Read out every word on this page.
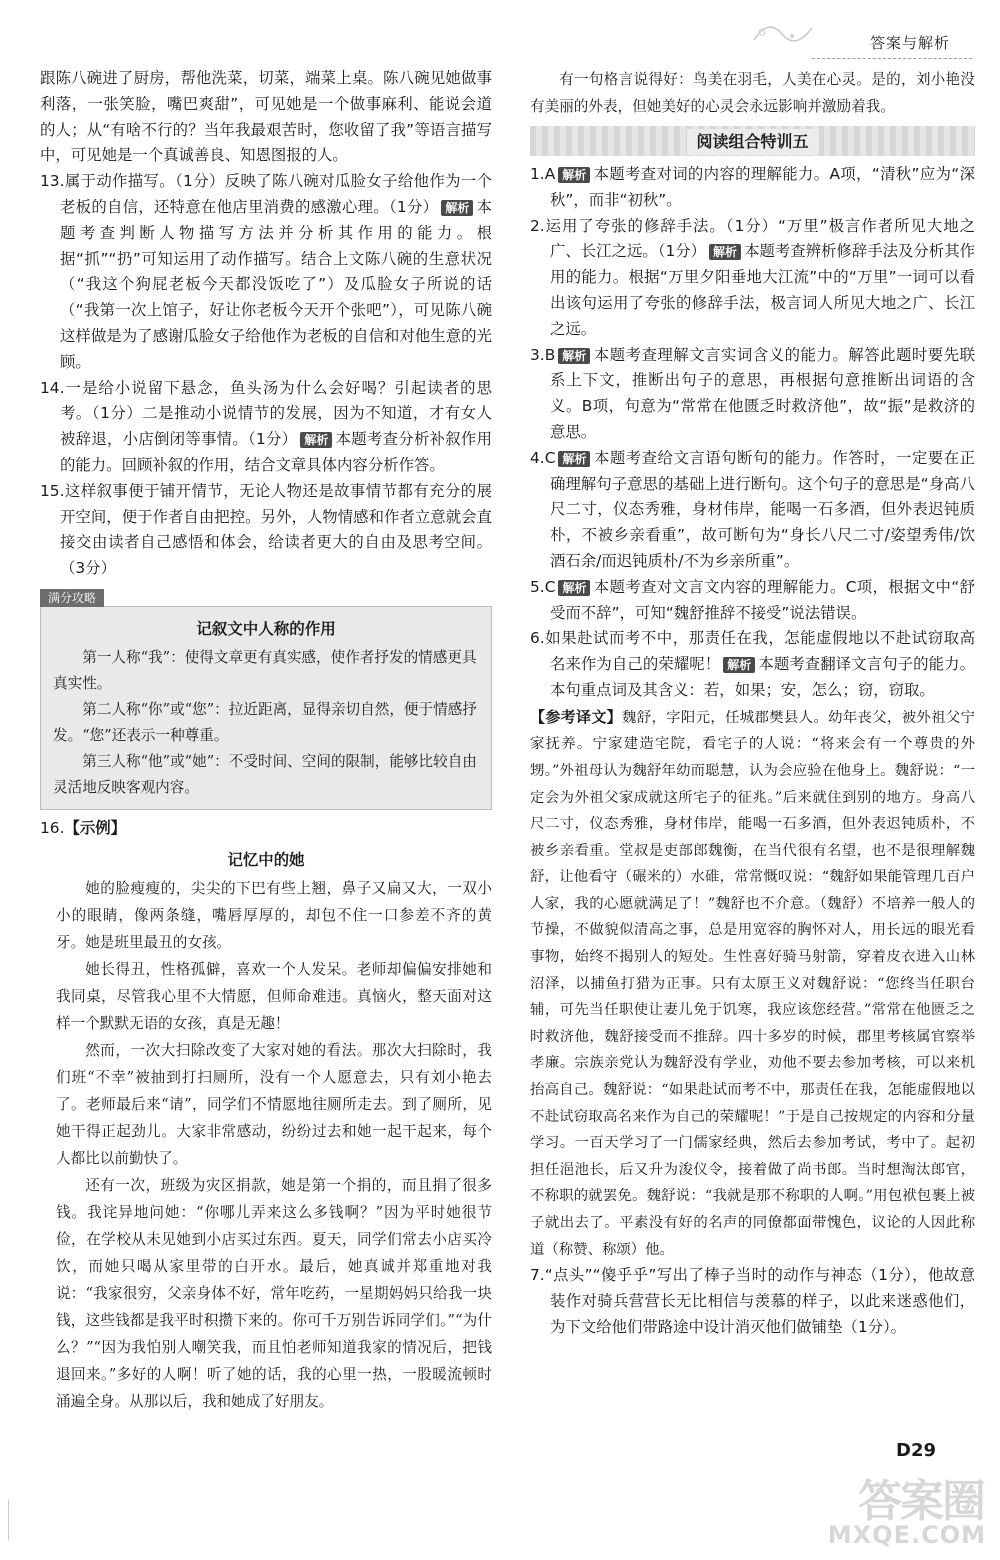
答案与解析

跟陈八碗进了厨房，帮他洗菜，切菜，端菜上桌。陈八碗见她做事利落，一张笑脸，嘴巴爽甜”，可见她是一个做事麻利、能说会道的人；从“有啥不行的？当年我最艰苦时，您收留了我”等语言描写中，可见她是一个真诚善良、知恩图报的人。

13.属于动作描写。（1分）反映了陈八碗对瓜脸女子给他作为一个老板的自信，还特意在他店里消费的感激心理。（1分） 解析 本题考查判断人物描写方法并分析其作用的能力。根据“抓”“扔”可知运用了动作描写。结合上文陈八碗的生意状况（“我这个狗屁老板今天都没饭吃了”）及瓜脸女子所说的话（“我第一次上馆子，好让你老板今天开个张吧”），可见陈八碗这样做是为了感谢瓜脸女子给他作为老板的自信和对他生意的光顾。

14.一是给小说留下悬念，鱼头汤为什么会好喝？引起读者的思考。（1分）二是推动小说情节的发展，因为不知道，才有女人被辞退，小店倒闭等事情。（1分） 解析 本题考查分析补叙作用的能力。回顾补叙的作用，结合文章具体内容分析作答。

15.这样叙事便于铺开情节，无论人物还是故事情节都有充分的展开空间，便于作者自由把控。另外，人物情感和作者立意就会直接交由读者自己感悟和体会，给读者更大的自由及思考空间。（3分）

满分攻略
记叙文中人称的作用

第一人称“我”：使得文章更有真实感，使作者抒发的情感更具真实性。

第二人称“你”或“您”：拉近距离，显得亲切自然，便于情感抒发。“您”还表示一种尊重。

第三人称“他”或“她”：不受时间、空间的限制，能够比较自由灵活地反映客观内容。

16.【示例】

记忆中的她

她的脸瘦瘦的，尖尖的下巴有些上翘，鼻子又扁又大，一双小小的眼睛，像两条缝，嘴唇厚厚的，却包不住一口参差不齐的黄牙。她是班里最丑的女孩。

她长得丑，性格孤僻，喜欢一个人发呆。老师却偏偏安排她和我同桌，尽管我心里不大情愿，但师命难违。真恼火，整天面对这样一个默默无语的女孩，真是无趣！

然而，一次大扫除改变了大家对她的看法。那次大扫除时，我们班“不幸”被抽到打扫厕所，没有一个人愿意去，只有刘小艳去了。老师最后来“请”，同学们不情愿地往厕所走去。到了厕所，见她干得正起劲儿。大家非常感动，纷纷过去和她一起干起来，每个人都比以前勤快了。

还有一次，班级为灾区捐款，她是第一个捐的，而且捐了很多钱。我诧异地问她：“你哪儿弄来这么多钱啊？”因为平时她很节俭，在学校从未见她到小店买过东西。夏天，同学们常去小店买冷饮，而她只喝从家里带的白开水。最后，她真诚并郑重地对我说：“我家很穷，父亲身体不好，常年吃药，一星期妈妈只给我一块钱，这些钱都是我平时积攒下来的。你可千万别告诉同学们。”“为什么？”“因为我怕别人嘲笑我，而且怕老师知道我家的情况后，把钱退回来。”多好的人啊！听了她的话，我的心里一热，一股暖流顿时涌遍全身。从那以后，我和她成了好朋友。

有一句格言说得好：鸟美在羽毛，人美在心灵。是的，刘小艳没有美丽的外表，但她美好的心灵会永远影响并激励着我。

阅读组合特训五

1.A 解析 本题考查对词的内容的理解能力。A项，“清秋”应为“深秋”，而非“初秋”。

2.运用了夸张的修辞手法。（1分）“万里”极言作者所见大地之广、长江之远。（1分） 解析 本题考查辨析修辞手法及分析其作用的能力。根据“万里夕阳垂地大江流”中的“万里”一词可以看出该句运用了夸张的修辞手法，极言词人所见大地之广、长江之远。

3.B 解析 本题考查理解文言实词含义的能力。解答此题时要先联系上下文，推断出句子的意思，再根据句意推断出词语的含义。B项，句意为“常常在他匮乏时救济他”，故“振”是救济的意思。

4.C 解析 本题考查给文言语句断句的能力。作答时，一定要在正确理解句子意思的基础上进行断句。这个句子的意思是“身高八尺二寸，仪态秀雅，身材伟岸，能喝一石多酒，但外表迟钝质朴，不被乡亲看重”，故可断句为“身长八尺二寸/姿望秀伟/饮酒石余/而迟钝质朴/不为乡亲所重”。

5.C 解析 本题考查对文言文内容的理解能力。C项，根据文中“舒受而不辞”，可知“魏舒推辞不接受”说法错误。

6.如果赴试而考不中，那责任在我，怎能虚假地以不赴试窃取高名来作为自己的荣耀呢！ 解析 本题考查翻译文言句子的能力。本句重点词及其含义：若，如果；安，怎么；窃，窃取。

【参考译文】魏舒，字阳元，任城郡樊县人。幼年丧父，被外祖父宁家抚养。宁家建造宅院，看宅子的人说：“将来会有一个尊贵的外甥。”外祖母认为魏舒年幼而聪慧，认为会应验在他身上。魏舒说：“一定会为外祖父家成就这所宅子的征兆。”后来就住到别的地方。身高八尺二寸，仪态秀雅，身材伟岸，能喝一石多酒，但外表迟钝质朴，不被乡亲看重。堂叔是吏部郎魏衡，在当代很有名望，也不是很理解魏舒，让他看守（碾米的）水碓，常常慨叹说：“魏舒如果能管理几百户人家，我的心愿就满足了！”魏舒也不介意。（魏舒）不培养一般人的节操，不做貌似清高之事，总是用宽容的胸怀对人，用长远的眼光看事物，始终不揭别人的短处。生性喜好骑马射箭，穿着皮衣进入山林沼泽，以捕鱼打猎为正事。只有太原王义对魏舒说：“您终当任职台辅，可先当任职使让妻儿免于饥寒，我应该您经营。”常常在他匮乏之时救济他，魏舒接受而不推辞。四十多岁的时候，郡里考核属官察举孝廉。宗族亲党认为魏舒没有学业，劝他不要去参加考核，可以来机抬高自己。魏舒说：“如果赴试而考不中，那责任在我，怎能虚假地以不赴试窃取高名来作为自己的荣耀呢！”于是自己按规定的内容和分量学习。一百天学习了一门儒家经典，然后去参加考试，考中了。起初担任浥池长，后又升为浚仪令，接着做了尚书郎。当时想淘汰郎官，不称职的就罢免。魏舒说：“我就是那不称职的人啊。”用包袱包裹上被子就出去了。平素没有好的名声的同僚都面带愧色，议论的人因此称道（称赞、称颂）他。

7.“点头”“傻乎乎”写出了棒子当时的动作与神态（1分），他故意装作对骑兵营营长无比相信与羡慕的样子，以此来迷惑他们，为下文给他们带路途中设计消灭他们做铺垫（1分）。

D29
答案圈
MXQE.COM
